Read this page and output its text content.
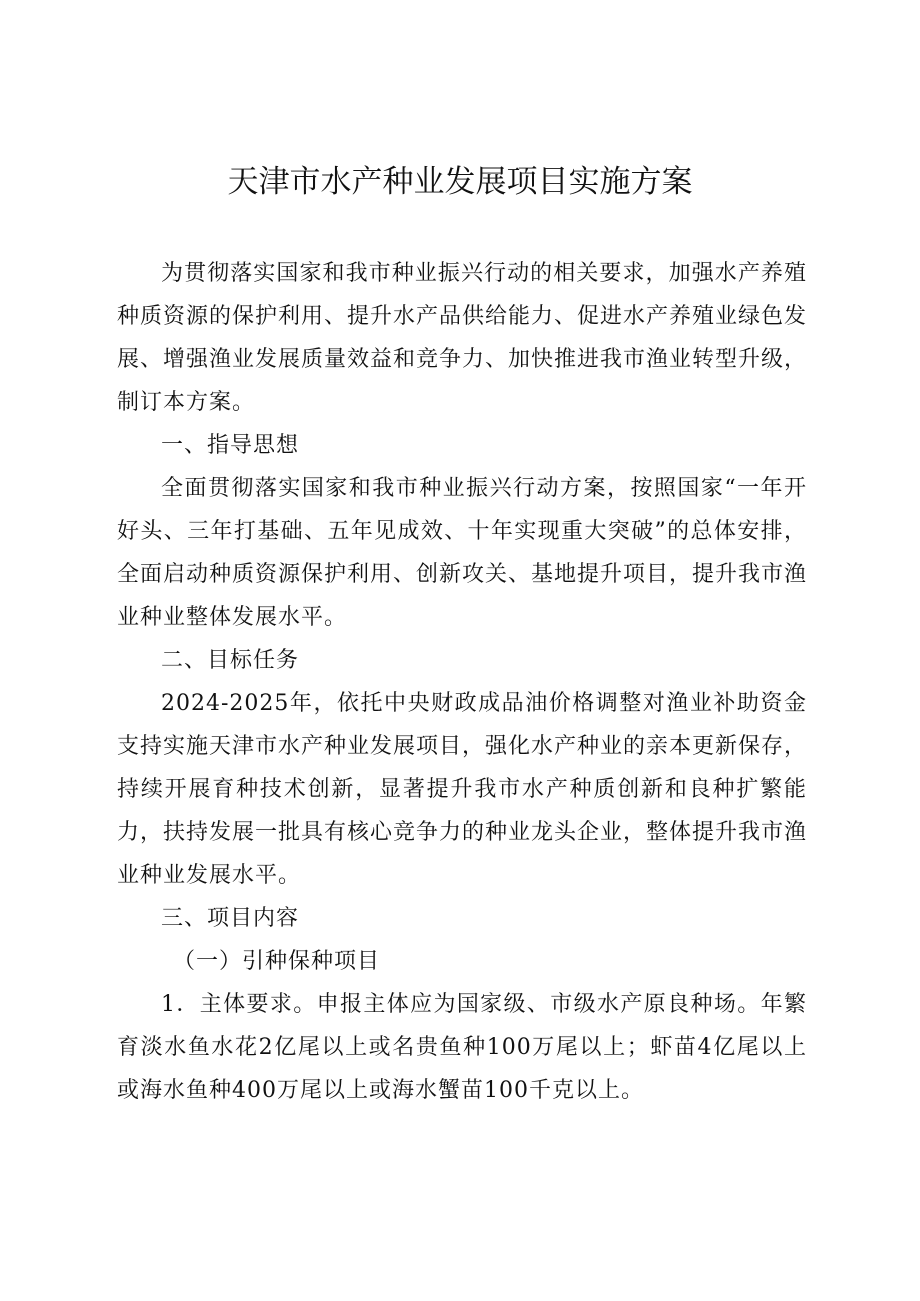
天津市水产种业发展项目实施方案

为贯彻落实国家和我市种业振兴行动的相关要求，加强水产养殖种质资源的保护利用、提升水产品供给能力、促进水产养殖业绿色发展、增强渔业发展质量效益和竞争力、加快推进我市渔业转型升级，制订本方案。

一、指导思想

全面贯彻落实国家和我市种业振兴行动方案，按照国家“一年开好头、三年打基础、五年见成效、十年实现重大突破”的总体安排，全面启动种质资源保护利用、创新攻关、基地提升项目，提升我市渔业种业整体发展水平。

二、目标任务

2024-2025年，依托中央财政成品油价格调整对渔业补助资金支持实施天津市水产种业发展项目，强化水产种业的亲本更新保存，持续开展育种技术创新，显著提升我市水产种质创新和良种扩繁能力，扶持发展一批具有核心竞争力的种业龙头企业，整体提升我市渔业种业发展水平。

三、项目内容

（一）引种保种项目

1．主体要求。申报主体应为国家级、市级水产原良种场。年繁育淡水鱼水花2亿尾以上或名贵鱼种100万尾以上；虾苗4亿尾以上或海水鱼种400万尾以上或海水蟹苗100千克以上。
